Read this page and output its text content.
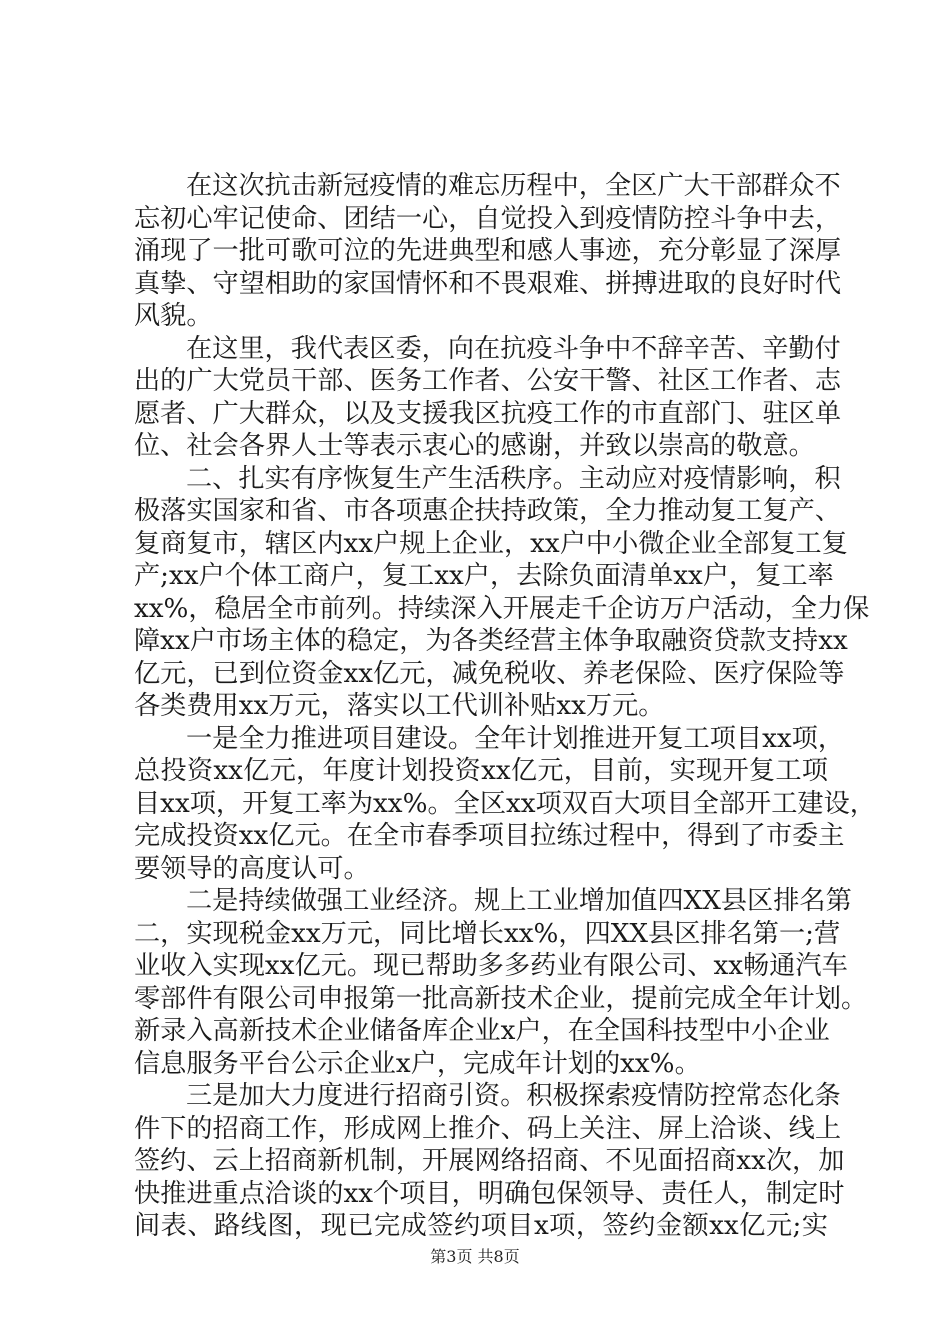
在这次抗击新冠疫情的难忘历程中，全区广大干部群众不
忘初心牢记使命、团结一心，自觉投入到疫情防控斗争中去，
涌现了一批可歌可泣的先进典型和感人事迹，充分彰显了深厚
真挚、守望相助的家国情怀和不畏艰难、拼搏进取的良好时代
风貌。
在这里，我代表区委，向在抗疫斗争中不辞辛苦、辛勤付
出的广大党员干部、医务工作者、公安干警、社区工作者、志
愿者、广大群众，以及支援我区抗疫工作的市直部门、驻区单
位、社会各界人士等表示衷心的感谢，并致以崇高的敬意。
二、扎实有序恢复生产生活秩序。主动应对疫情影响，积
极落实国家和省、市各项惠企扶持政策，全力推动复工复产、
复商复市，辖区内xx户规上企业，xx户中小微企业全部复工复
产;xx户个体工商户，复工xx户，去除负面清单xx户，复工率
xx%，稳居全市前列。持续深入开展走千企访万户活动，全力保
障xx户市场主体的稳定，为各类经营主体争取融资贷款支持xx
亿元，已到位资金xx亿元，减免税收、养老保险、医疗保险等
各类费用xx万元，落实以工代训补贴xx万元。
一是全力推进项目建设。全年计划推进开复工项目xx项，
总投资xx亿元，年度计划投资xx亿元，目前，实现开复工项
目xx项，开复工率为xx%。全区xx项双百大项目全部开工建设，
完成投资xx亿元。在全市春季项目拉练过程中，得到了市委主
要领导的高度认可。
二是持续做强工业经济。规上工业增加值四XX县区排名第
二，实现税金xx万元，同比增长xx%，四XX县区排名第一;营
业收入实现xx亿元。现已帮助多多药业有限公司、xx畅通汽车
零部件有限公司申报第一批高新技术企业，提前完成全年计划。
新录入高新技术企业储备库企业x户，在全国科技型中小企业
信息服务平台公示企业x户，完成年计划的xx%。
三是加大力度进行招商引资。积极探索疫情防控常态化条
件下的招商工作，形成网上推介、码上关注、屏上洽谈、线上
签约、云上招商新机制，开展网络招商、不见面招商xx次，加
快推进重点洽谈的xx个项目，明确包保领导、责任人，制定时
间表、路线图，现已完成签约项目x项，签约金额xx亿元;实
第3页 共8页
